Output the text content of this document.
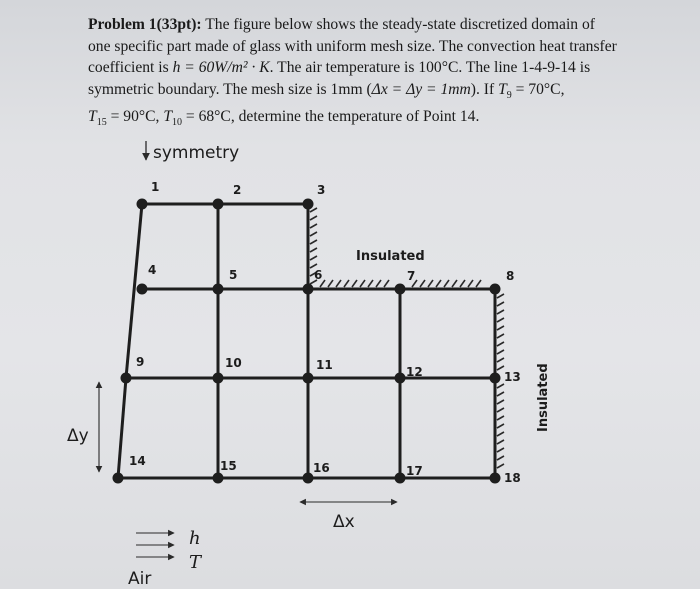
Problem 1(33pt): The figure below shows the steady-state discretized domain of
one specific part made of glass with uniform mesh size. The convection heat transfer
coefficient is h = 60W/m² · K. The air temperature is 100°C. The line 1-4-9-14 is
symmetric boundary. The mesh size is 1mm (Δx = Δy = 1mm). If $T_9 = 70^\circ C$,
$T_{15} = 90^\circ C$, $T_{10} = 68^\circ C$, determine the temperature of Point 14.
symmetry
1	2	3
4	5	6	7	8
9	10	11	12	13
14	15	16	17	18
Insulated
Insulated
Δy
Δx
h
T
Air
